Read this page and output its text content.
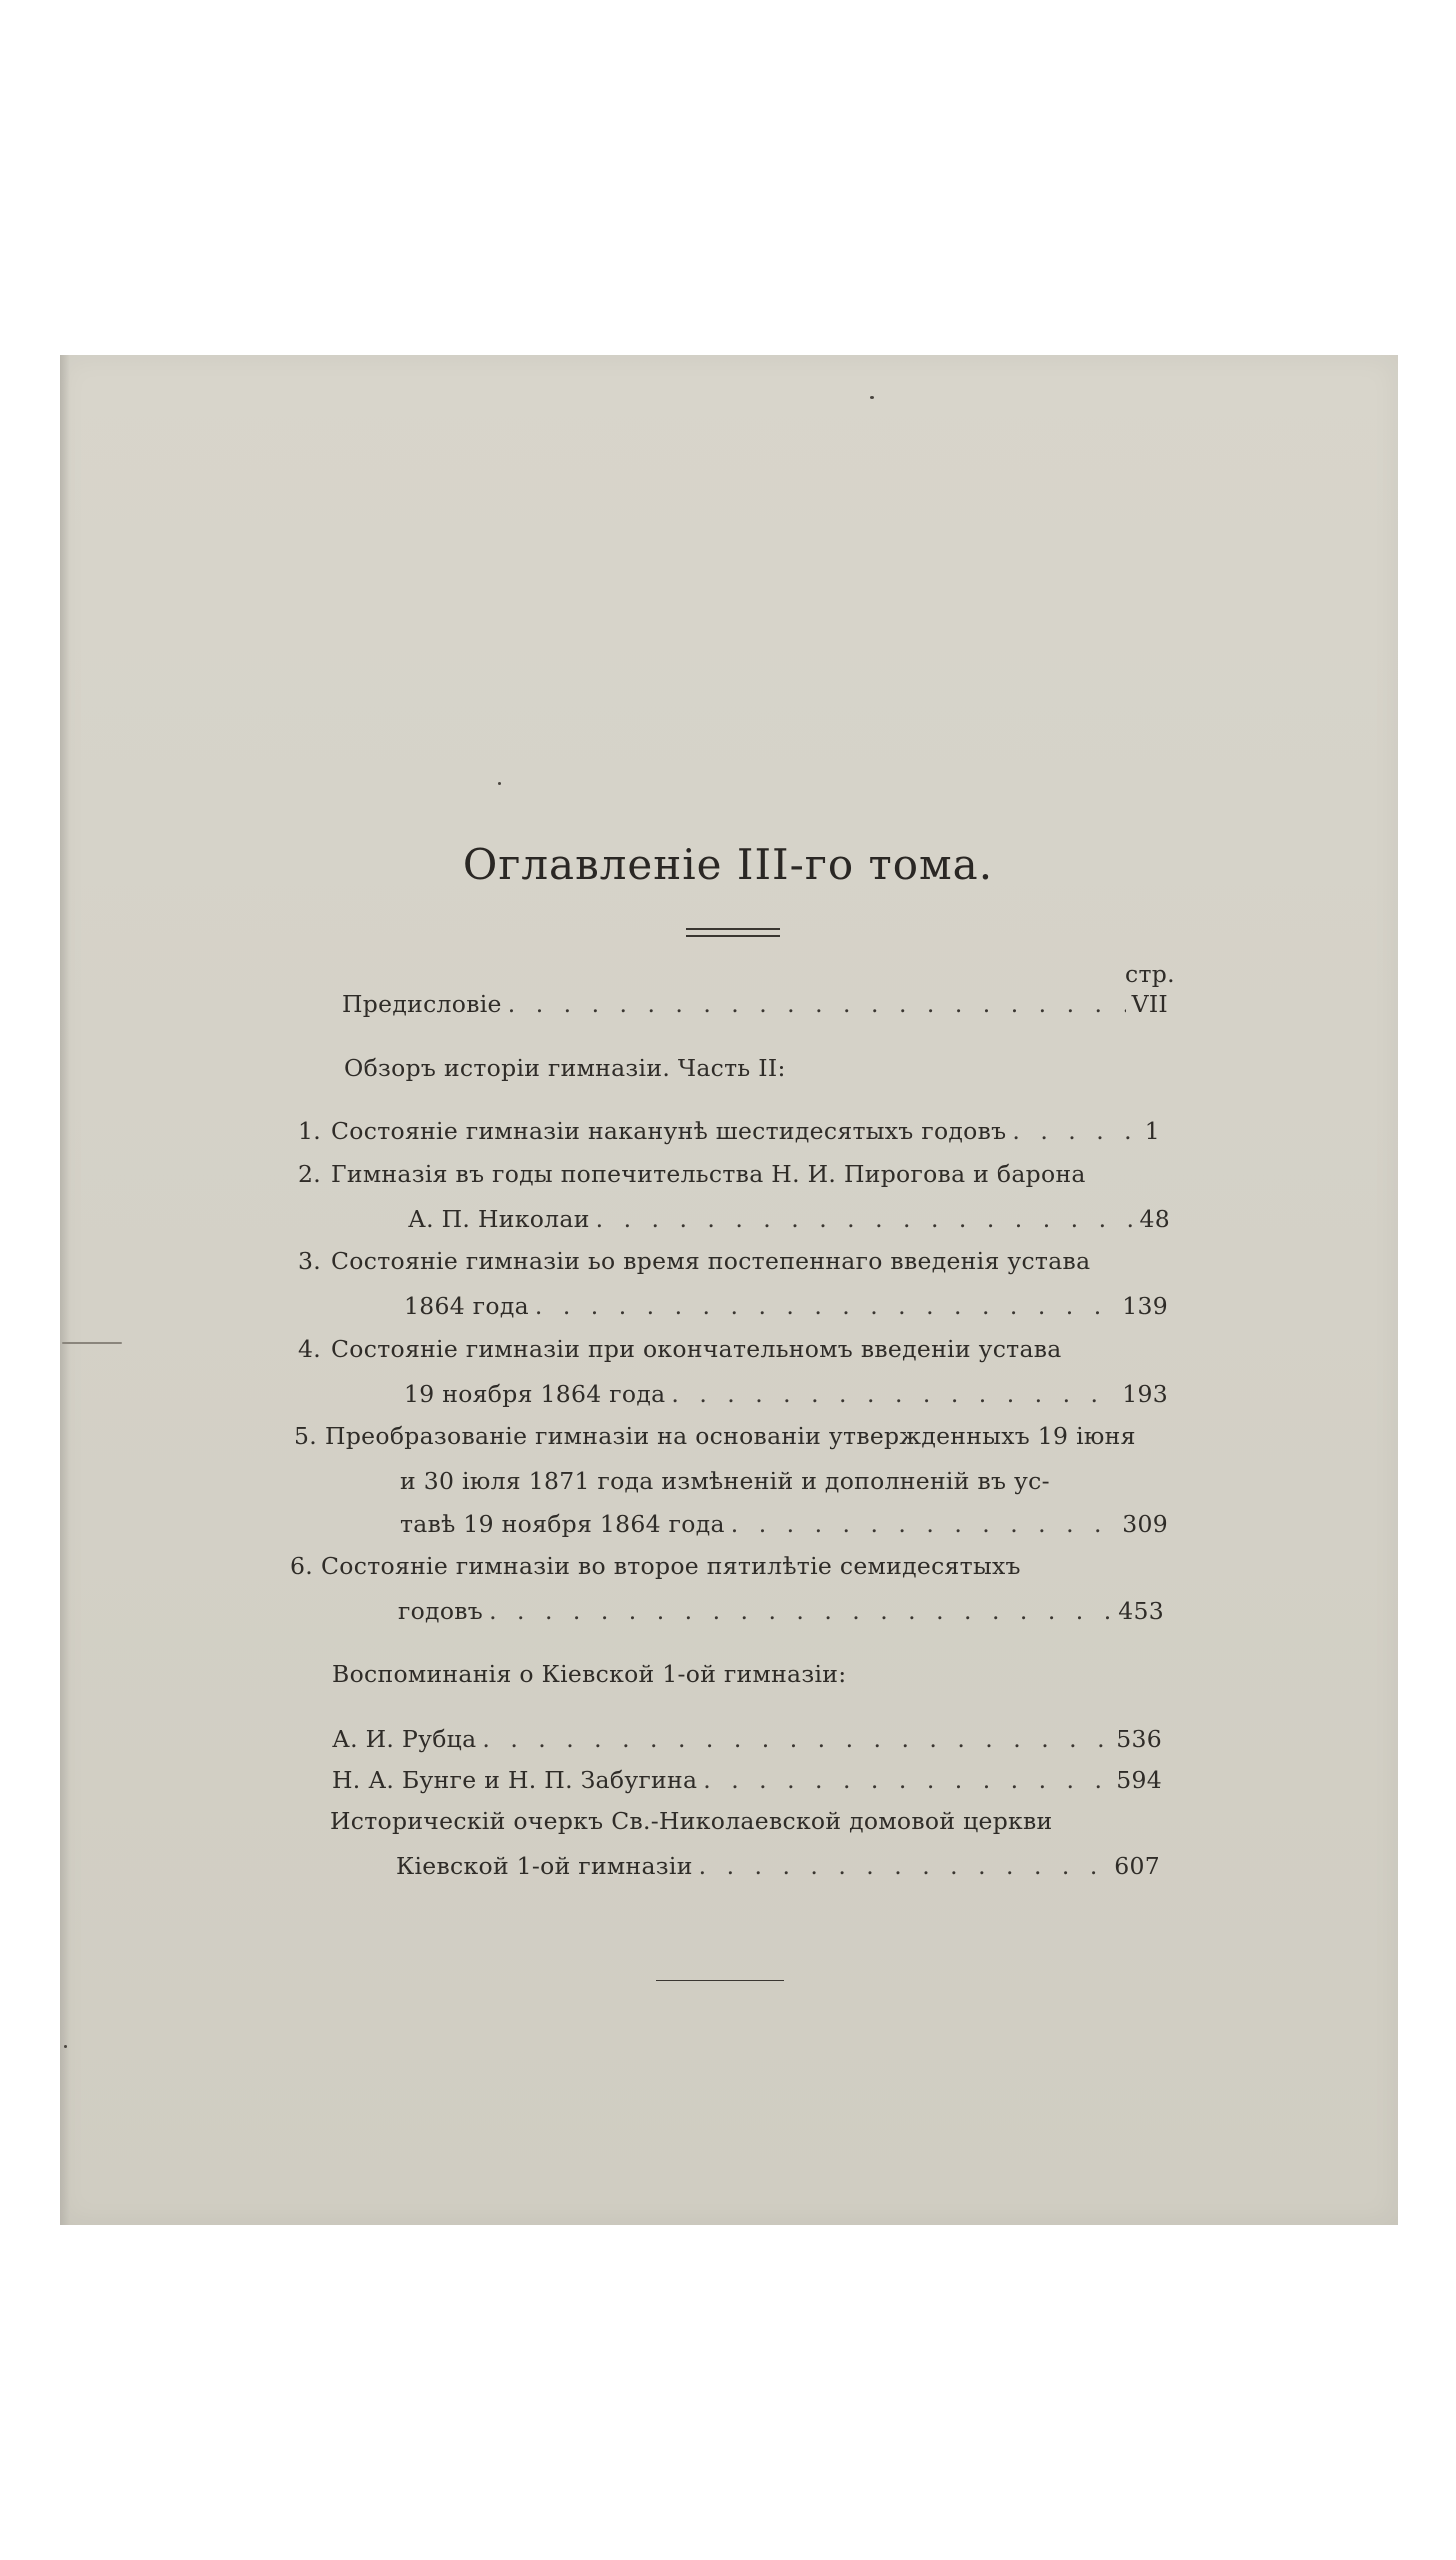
Оглавленіе III-го тома.
стр.
Предисловіе . . .	VII
Обзоръ исторіи гимназіи. Часть II:
1. Состояніе гимназіи наканунѣ шестидесятыхъ годовъ . . .	1
2. Гимназія въ годы попечительства Н. И. Пирогова и барона
А. П. Николаи . . .	48
3. Состояніе гимназіи ьо время постепеннаго введенія устава
1864 года . . .	139
4. Состояніе гимназіи при окончательномъ введеніи устава
19 ноября 1864 года . . .	193
5. Преобразованіе гимназіи на основаніи утвержденныхъ 19 іюня
и 30 іюля 1871 года измѣненій и дополненій въ ус-
тавѣ 19 ноября 1864 года . . .	309
6. Состояніе гимназіи во второе пятилѣтіе семидесятыхъ
годовъ . . .	453
Воспоминанія о Кіевской 1-ой гимназіи:
А. И. Рубца . . .	536
Н. А. Бунге и Н. П. Забугина . . .	594
Историческій очеркъ Св.-Николаевской домовой церкви
Кіевской 1-ой гимназіи . . .	607
